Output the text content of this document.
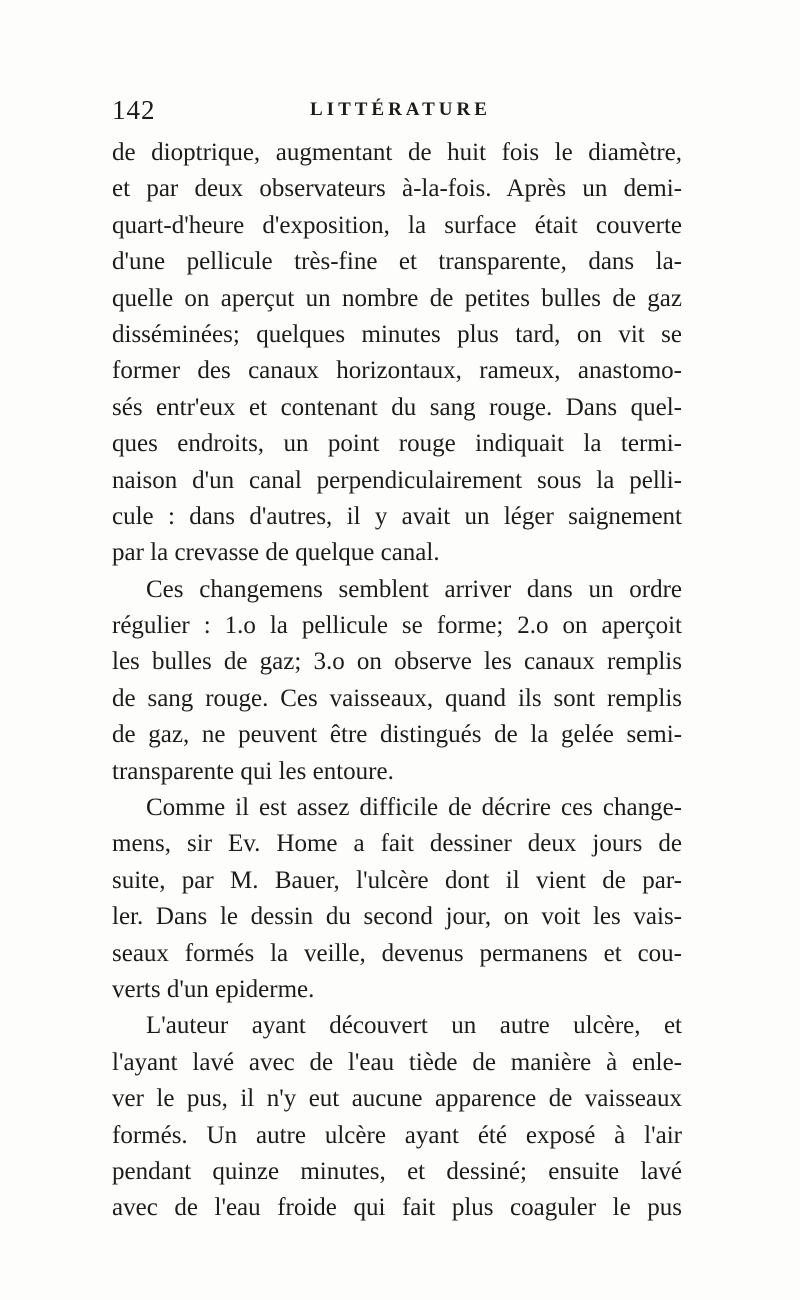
142	LITTÉRATURE
de dioptrique, augmentant de huit fois le diamètre,
et par deux observateurs à-la-fois. Après un demi-
quart-d'heure d'exposition, la surface était couverte
d'une pellicule très-fine et transparente, dans la-
quelle on aperçut un nombre de petites bulles de gaz
disséminées; quelques minutes plus tard, on vit se
former des canaux horizontaux, rameux, anastomo-
sés entr'eux et contenant du sang rouge. Dans quel-
ques endroits, un point rouge indiquait la termi-
naison d'un canal perpendiculairement sous la pelli-
cule : dans d'autres, il y avait un léger saignement
par la crevasse de quelque canal.
Ces changemens semblent arriver dans un ordre
régulier : 1.o la pellicule se forme; 2.o on aperçoit
les bulles de gaz; 3.o on observe les canaux remplis
de sang rouge. Ces vaisseaux, quand ils sont remplis
de gaz, ne peuvent être distingués de la gelée semi-
transparente qui les entoure.
Comme il est assez difficile de décrire ces change-
mens, sir Ev. Home a fait dessiner deux jours de
suite, par M. Bauer, l'ulcère dont il vient de par-
ler. Dans le dessin du second jour, on voit les vais-
seaux formés la veille, devenus permanens et cou-
verts d'un epiderme.
L'auteur ayant découvert un autre ulcère, et
l'ayant lavé avec de l'eau tiède de manière à enle-
ver le pus, il n'y eut aucune apparence de vaisseaux
formés. Un autre ulcère ayant été exposé à l'air
pendant quinze minutes, et dessiné; ensuite lavé
avec de l'eau froide qui fait plus coaguler le pus
